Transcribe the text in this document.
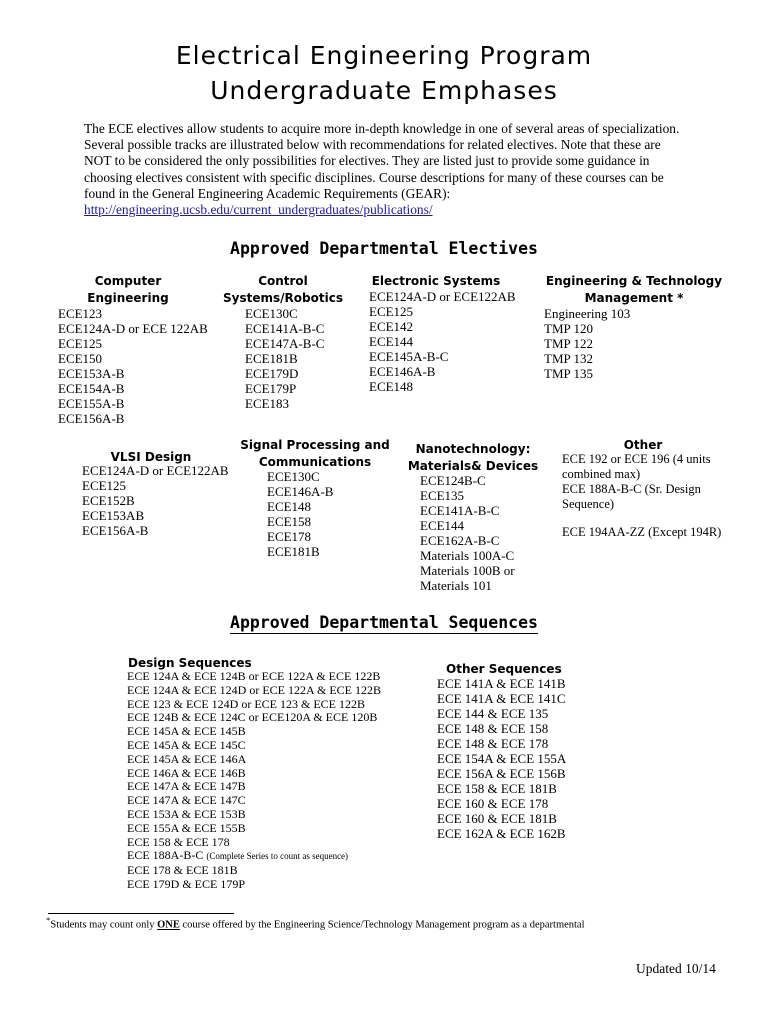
Electrical Engineering Program
Undergraduate Emphases
The ECE electives allow students to acquire more in-depth knowledge in one of several areas of specialization. Several possible tracks are illustrated below with recommendations for related electives. Note that these are NOT to be considered the only possibilities for electives. They are listed just to provide some guidance in choosing electives consistent with specific disciplines. Course descriptions for many of these courses can be found in the General Engineering Academic Requirements (GEAR):
http://engineering.ucsb.edu/current_undergraduates/publications/
Approved Departmental Electives
Computer
Engineering
ECE123
ECE124A-D or ECE 122AB
ECE125
ECE150
ECE153A-B
ECE154A-B
ECE155A-B
ECE156A-B
Control
Systems/Robotics
ECE130C
ECE141A-B-C
ECE147A-B-C
ECE181B
ECE179D
ECE179P
ECE183
Electronic Systems
ECE124A-D or ECE122AB
ECE125
ECE142
ECE144
ECE145A-B-C
ECE146A-B
ECE148
Engineering & Technology
Management *
Engineering 103
TMP 120
TMP 122
TMP 132
TMP 135
VLSI Design
ECE124A-D or ECE122AB
ECE125
ECE152B
ECE153AB
ECE156A-B
Signal Processing and
Communications
ECE130C
ECE146A-B
ECE148
ECE158
ECE178
ECE181B
Nanotechnology:
Materials& Devices
ECE124B-C
ECE135
ECE141A-B-C
ECE144
ECE162A-B-C
Materials 100A-C
Materials 100B or
Materials 101
Other
ECE 192 or ECE 196 (4 units
combined max)
ECE 188A-B-C (Sr. Design
Sequence)
ECE 194AA-ZZ (Except 194R)
Approved Departmental Sequences
Design Sequences
ECE 124A & ECE 124B or ECE 122A & ECE 122B
ECE 124A & ECE 124D or ECE 122A & ECE 122B
ECE 123 & ECE 124D or ECE 123 & ECE 122B
ECE 124B & ECE 124C or ECE120A & ECE 120B
ECE 145A & ECE 145B
ECE 145A & ECE 145C
ECE 145A & ECE 146A
ECE 146A & ECE 146B
ECE 147A & ECE 147B
ECE 147A & ECE 147C
ECE 153A & ECE 153B
ECE 155A & ECE 155B
ECE 158 & ECE 178
ECE 188A-B-C (Complete Series to count as sequence)
ECE 178 & ECE 181B
ECE 179D & ECE 179P
Other Sequences
ECE 141A & ECE 141B
ECE 141A & ECE 141C
ECE 144 & ECE 135
ECE 148 & ECE 158
ECE 148 & ECE 178
ECE 154A & ECE 155A
ECE 156A & ECE 156B
ECE 158 & ECE 181B
ECE 160 & ECE 178
ECE 160 & ECE 181B
ECE 162A & ECE 162B
*Students may count only ONE course offered by the Engineering Science/Technology Management program as a departmental
Updated 10/14
